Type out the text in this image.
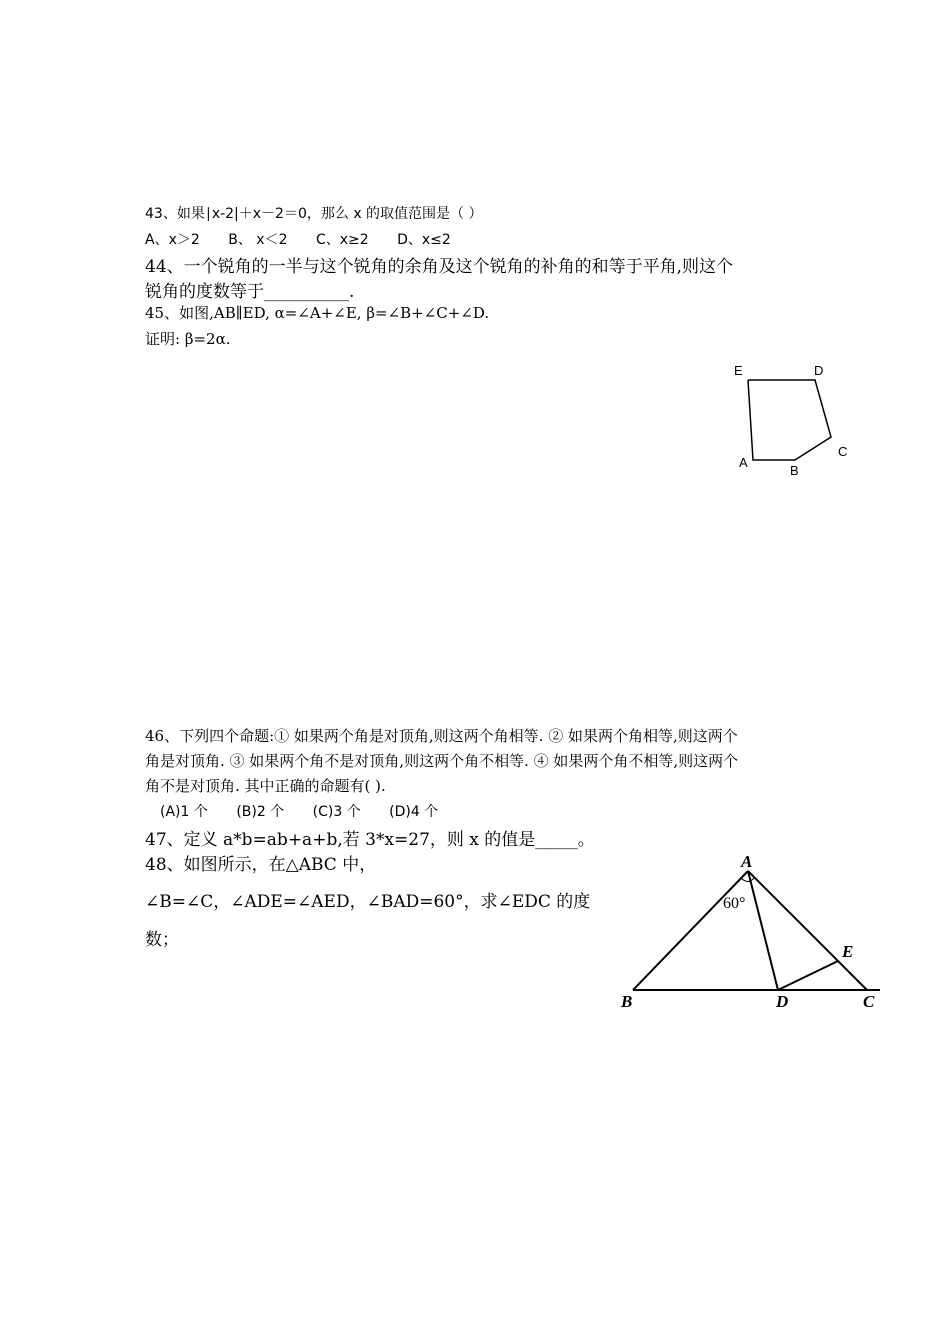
43、如果∣x-2|＋x－2＝0，那么 x 的取值范围是（ ）
A、x＞2 B、 x＜2 C、x≥2 D、x≤2
44、一个锐角的一半与这个锐角的余角及这个锐角的补角的和等于平角,则这个
锐角的度数等于__________.
45、如图,AB∥ED, α=∠A+∠E, β=∠B+∠C+∠D.
证明: β=2α.
E	D
C
A
B
46、下列四个命题:① 如果两个角是对顶角,则这两个角相等. ② 如果两个角相等,则这两个
角是对顶角. ③ 如果两个角不是对顶角,则这两个角不相等. ④ 如果两个角不相等,则这两个
角不是对顶角. 其中正确的命题有( ).
(A)1 个 (B)2 个 (C)3 个 (D)4 个
47、定义 a*b=ab+a+b,若 3*x=27，则 x 的值是_____。
48、如图所示，在△ABC 中，
∠B=∠C，∠ADE=∠AED，∠BAD=60°，求∠EDC 的度
数；
A
60°
E
B	D	C
